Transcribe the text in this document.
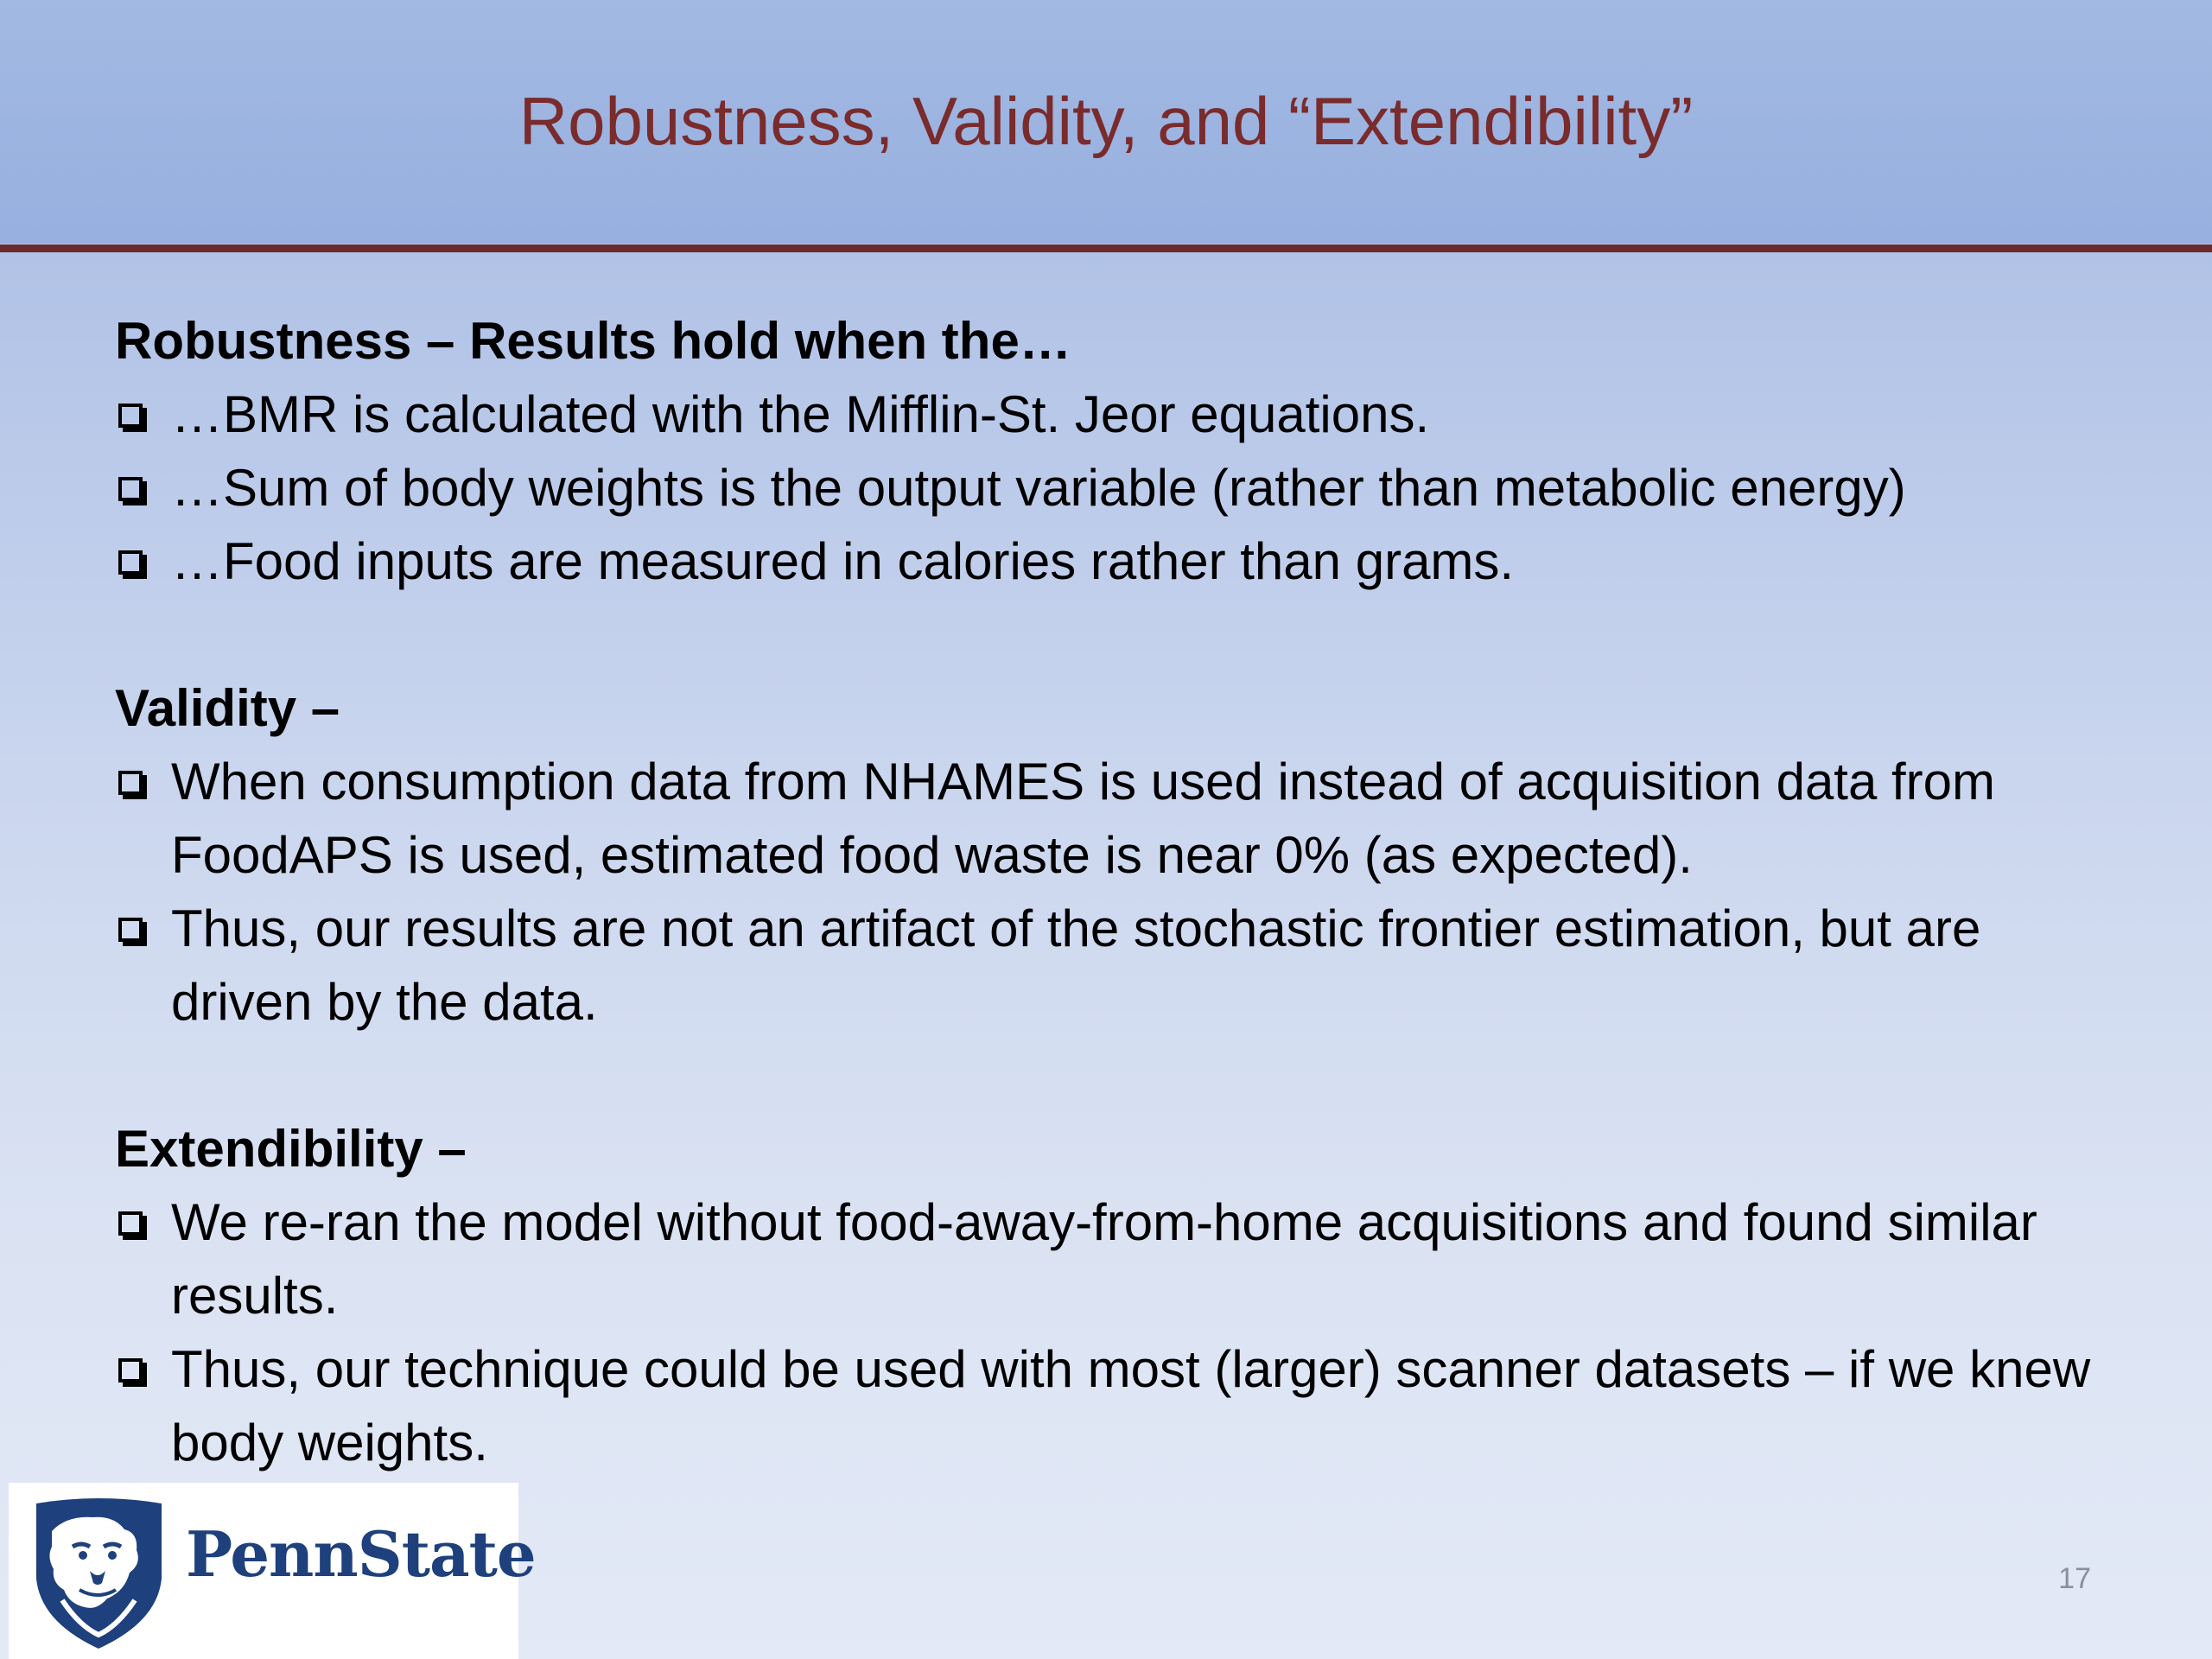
Robustness, Validity, and “Extendibility”
Robustness – Results hold when the…
…BMR is calculated with the Mifflin-St. Jeor equations.
…Sum of body weights is the output variable (rather than metabolic energy)
…Food inputs are measured in calories rather than grams.
Validity –
When consumption data from NHAMES is used instead of acquisition data from FoodAPS is used, estimated food waste is near 0% (as expected).
Thus, our results are not an artifact of the stochastic frontier estimation, but are driven by the data.
Extendibility –
We re-ran the model without food-away-from-home acquisitions and found similar results.
Thus, our technique could be used with most (larger) scanner datasets – if we knew body weights.
PennState	17
